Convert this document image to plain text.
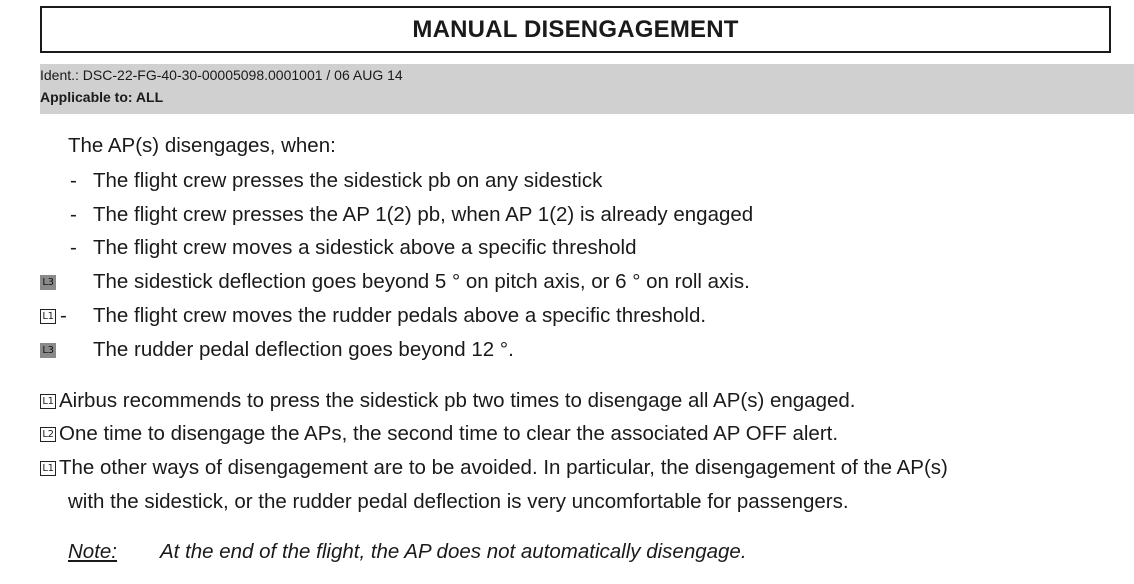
MANUAL DISENGAGEMENT
Ident.: DSC-22-FG-40-30-00005098.0001001 / 06 AUG 14
Applicable to: ALL
The AP(s) disengages, when:
- The flight crew presses the sidestick pb on any sidestick
- The flight crew presses the AP 1(2) pb, when AP 1(2) is already engaged
- The flight crew moves a sidestick above a specific threshold
L3 The sidestick deflection goes beyond 5 ° on pitch axis, or 6 ° on roll axis.
L1 - The flight crew moves the rudder pedals above a specific threshold.
L3 The rudder pedal deflection goes beyond 12 °.
L1 Airbus recommends to press the sidestick pb two times to disengage all AP(s) engaged.
L2 One time to disengage the APs, the second time to clear the associated AP OFF alert.
L1 The other ways of disengagement are to be avoided. In particular, the disengagement of the AP(s)
with the sidestick, or the rudder pedal deflection is very uncomfortable for passengers.
Note: At the end of the flight, the AP does not automatically disengage.
